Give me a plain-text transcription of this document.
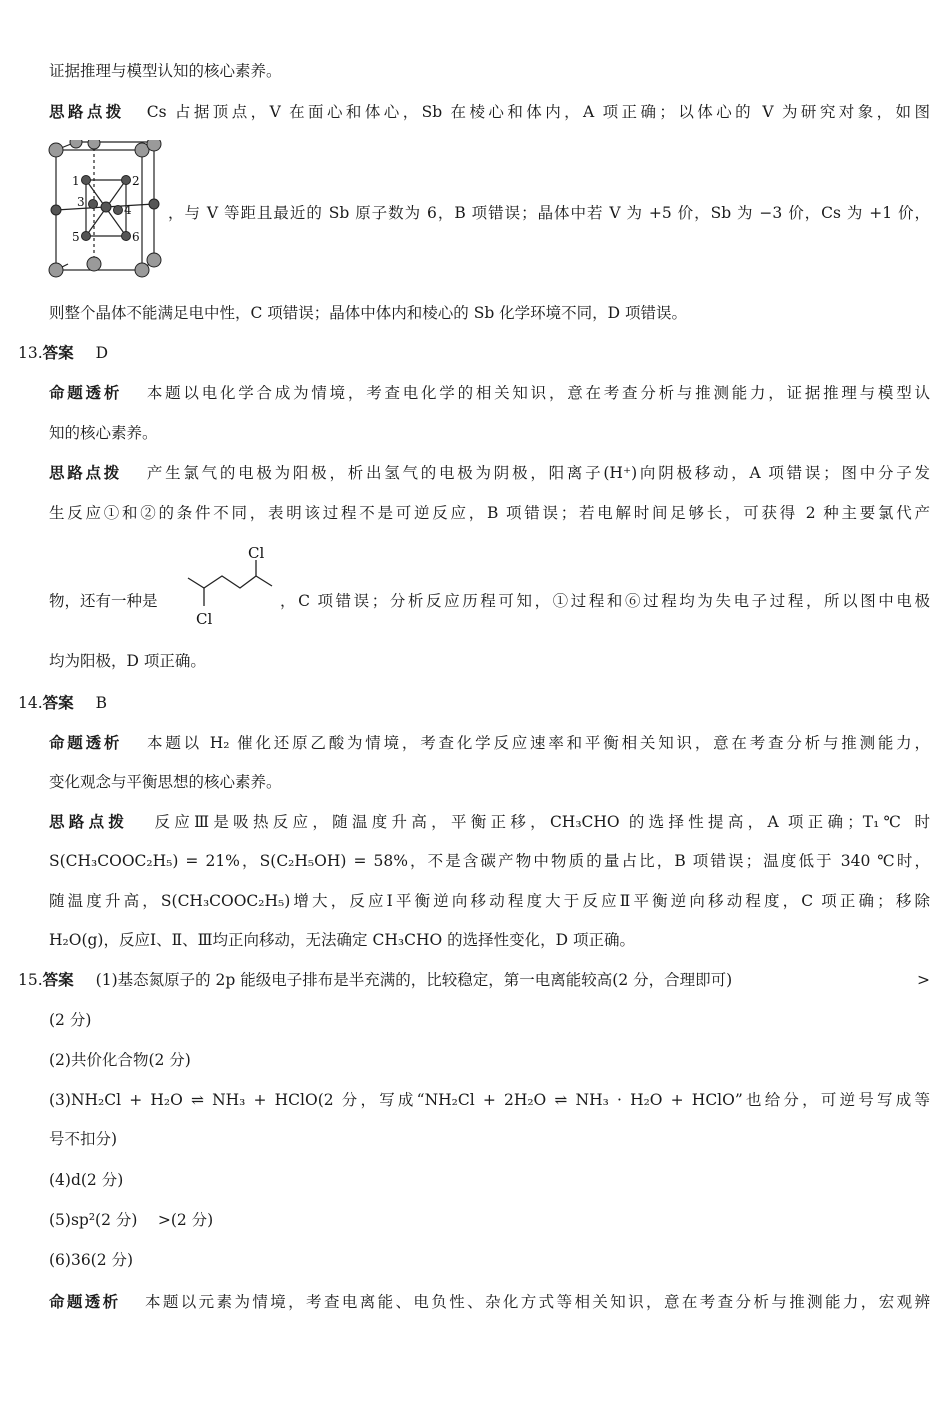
证据推理与模型认知的核心素养。
思路点拨 Cs 占据顶点，V 在面心和体心，Sb 在棱心和体内，A 项正确；以体心的 V 为研究对象，如图
1	2
3
4
5	6
，与 V 等距且最近的 Sb 原子数为 6，B 项错误；晶体中若 V 为 +5 价，Sb 为 −3 价，Cs 为 +1 价，
则整个晶体不能满足电中性，C 项错误；晶体中体内和棱心的 Sb 化学环境不同，D 项错误。
13.答案 D
命题透析 本题以电化学合成为情境，考查电化学的相关知识，意在考查分析与推测能力，证据推理与模型认
知的核心素养。
思路点拨 产生氯气的电极为阳极，析出氢气的电极为阴极，阳离子(H⁺)向阴极移动，A 项错误；图中分子发
生反应①和②的条件不同，表明该过程不是可逆反应，B 项错误；若电解时间足够长，可获得 2 种主要氯代产
物，还有一种是
Cl
Cl
，C 项错误；分析反应历程可知，①过程和⑥过程均为失电子过程，所以图中电极
均为阳极，D 项正确。
14.答案 B
命题透析 本题以 H₂ 催化还原乙酸为情境，考查化学反应速率和平衡相关知识，意在考查分析与推测能力，
变化观念与平衡思想的核心素养。
思路点拨 反应Ⅲ是吸热反应，随温度升高，平衡正移，CH₃CHO 的选择性提高，A 项正确；T₁℃ 时
S(CH₃COOC₂H₅) = 21%，S(C₂H₅OH) = 58%，不是含碳产物中物质的量占比，B 项错误；温度低于 340 ℃时，
随温度升高，S(CH₃COOC₂H₅)增大，反应Ⅰ平衡逆向移动程度大于反应Ⅱ平衡逆向移动程度，C 项正确；移除
H₂O(g)，反应Ⅰ、Ⅱ、Ⅲ均正向移动，无法确定 CH₃CHO 的选择性变化，D 项正确。
15.答案 (1)基态氮原子的 2p 能级电子排布是半充满的，比较稳定，第一电离能较高(2 分，合理即可)	>
(2 分)
(2)共价化合物(2 分)
(3)NH₂Cl + H₂O ⇌ NH₃ + HClO(2 分，写成“NH₂Cl + 2H₂O ⇌ NH₃ · H₂O + HClO”也给分，可逆号写成等
号不扣分)
(4)d(2 分)
(5)sp²(2 分)　 >(2 分)
(6)36(2 分)
命题透析 本题以元素为情境，考查电离能、电负性、杂化方式等相关知识，意在考查分析与推测能力，宏观辨
